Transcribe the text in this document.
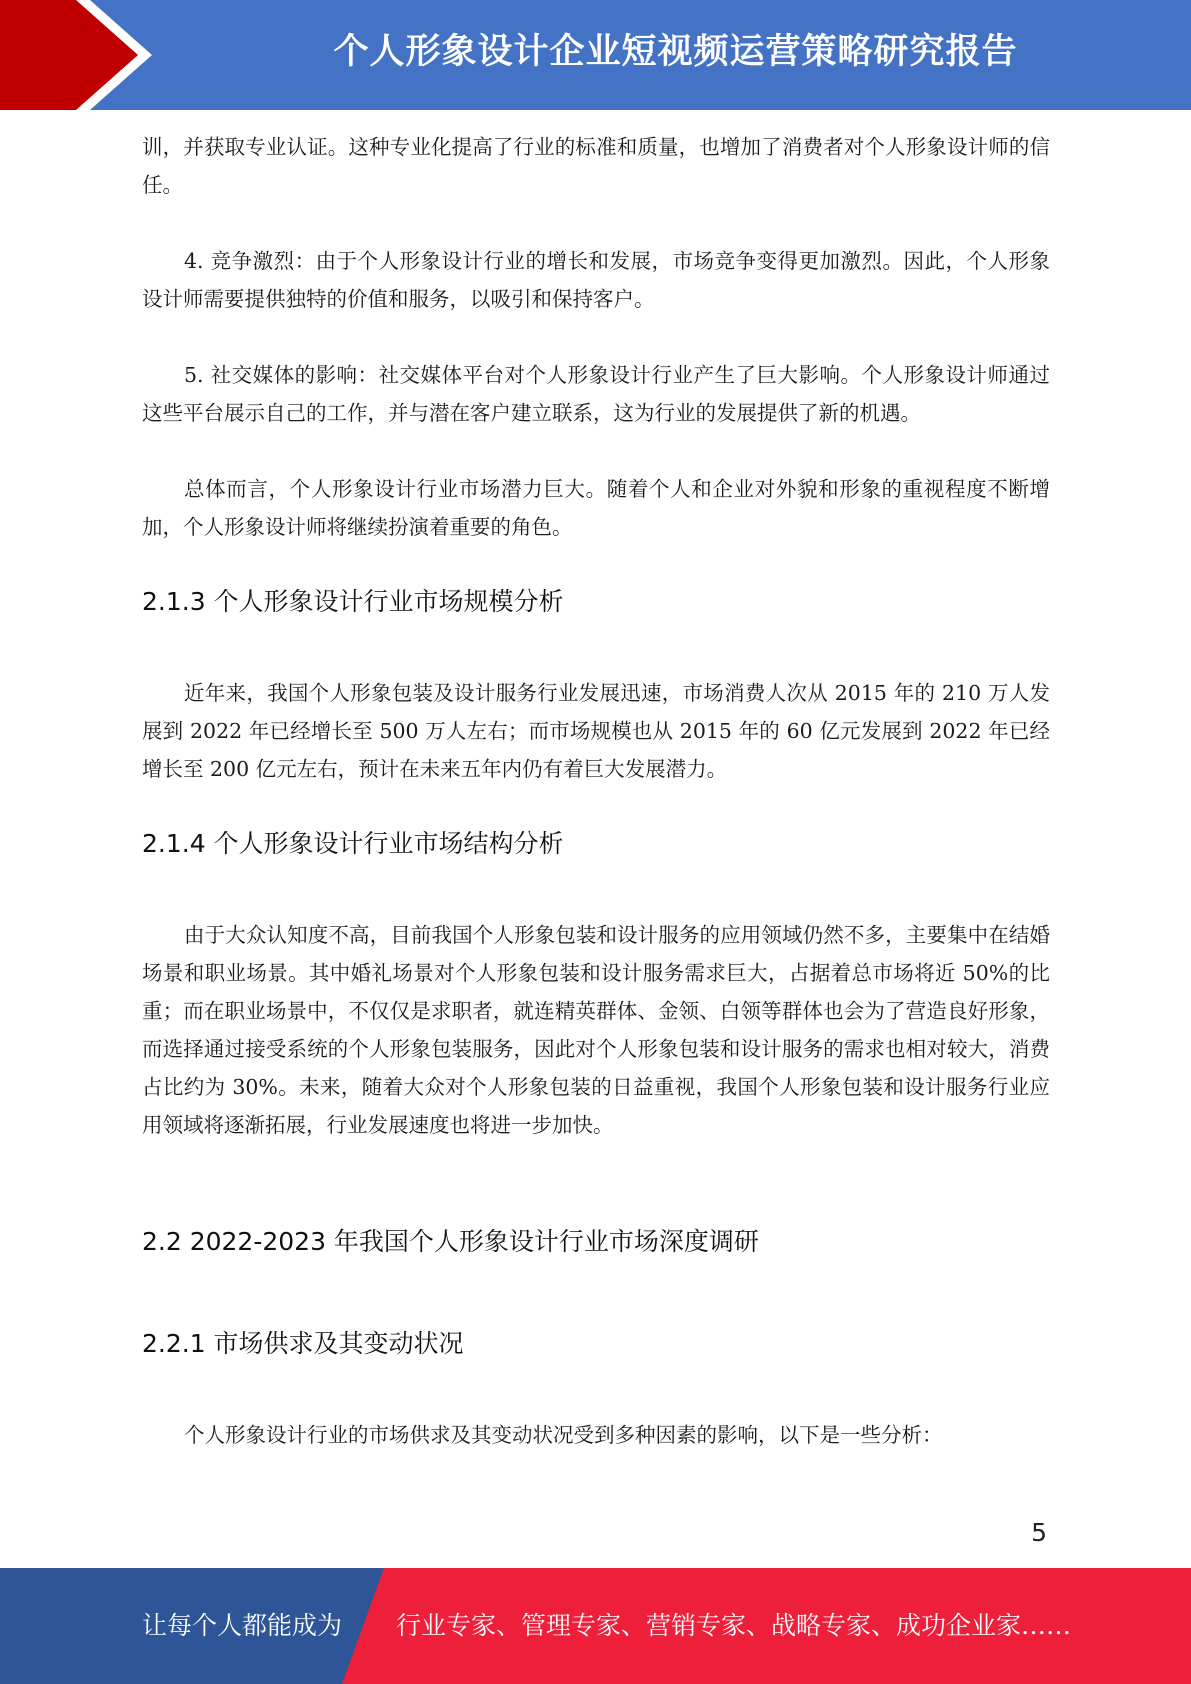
个人形象设计企业短视频运营策略研究报告

训，并获取专业认证。这种专业化提高了行业的标准和质量，也增加了消费者对个人形象设计师的信任。

4. 竞争激烈：由于个人形象设计行业的增长和发展，市场竞争变得更加激烈。因此，个人形象设计师需要提供独特的价值和服务，以吸引和保持客户。

5. 社交媒体的影响：社交媒体平台对个人形象设计行业产生了巨大影响。个人形象设计师通过这些平台展示自己的工作，并与潜在客户建立联系，这为行业的发展提供了新的机遇。

总体而言，个人形象设计行业市场潜力巨大。随着个人和企业对外貌和形象的重视程度不断增加，个人形象设计师将继续扮演着重要的角色。

2.1.3 个人形象设计行业市场规模分析

近年来，我国个人形象包装及设计服务行业发展迅速，市场消费人次从 2015 年的 210 万人发展到 2022 年已经增长至 500 万人左右；而市场规模也从 2015 年的 60 亿元发展到 2022 年已经增长至 200 亿元左右，预计在未来五年内仍有着巨大发展潜力。

2.1.4 个人形象设计行业市场结构分析

由于大众认知度不高，目前我国个人形象包装和设计服务的应用领域仍然不多，主要集中在结婚场景和职业场景。其中婚礼场景对个人形象包装和设计服务需求巨大，占据着总市场将近 50%的比重；而在职业场景中，不仅仅是求职者，就连精英群体、金领、白领等群体也会为了营造良好形象，而选择通过接受系统的个人形象包装服务，因此对个人形象包装和设计服务的需求也相对较大，消费占比约为 30%。未来，随着大众对个人形象包装的日益重视，我国个人形象包装和设计服务行业应用领域将逐渐拓展，行业发展速度也将进一步加快。

2.2 2022-2023 年我国个人形象设计行业市场深度调研
2.2.1 市场供求及其变动状况

个人形象设计行业的市场供求及其变动状况受到多种因素的影响，以下是一些分析：

5
让每个人都能成为 行业专家、管理专家、营销专家、战略专家、成功企业家……
